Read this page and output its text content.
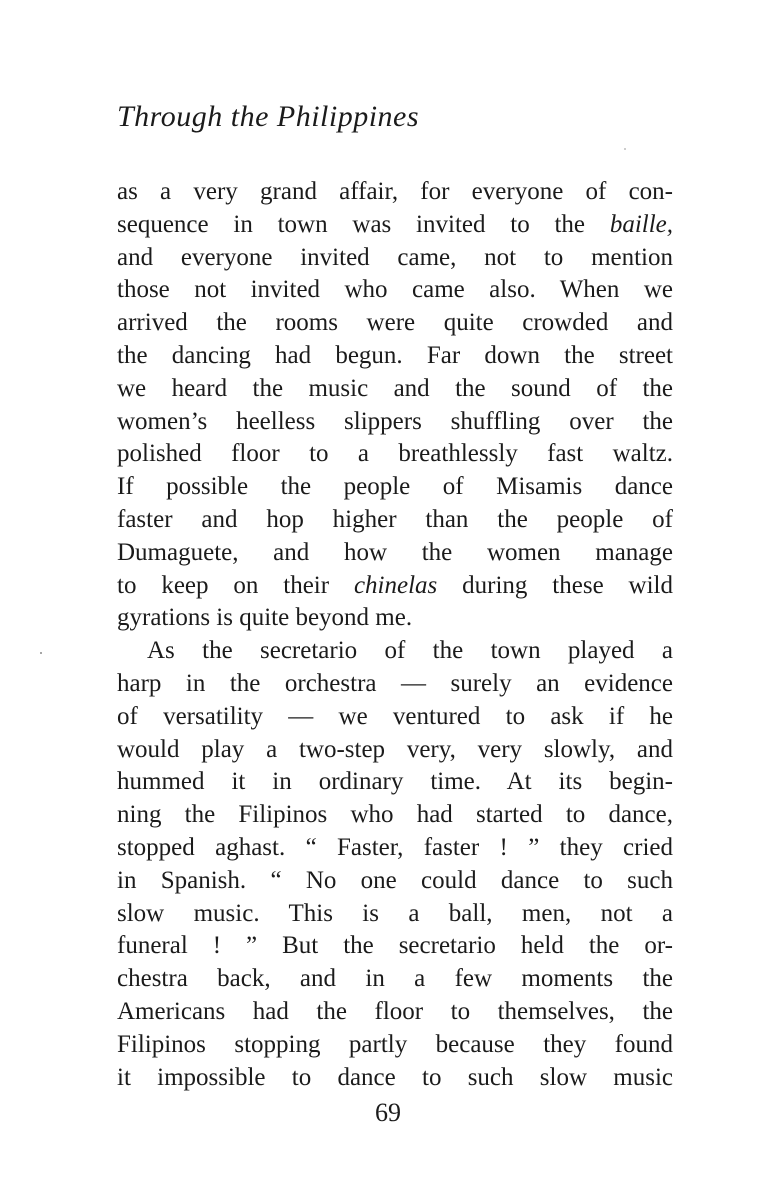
Through the Philippines
as a very grand affair, for everyone of con-
sequence in town was invited to the baille,
and everyone invited came, not to mention
those not invited who came also. When we
arrived the rooms were quite crowded and
the dancing had begun. Far down the street
we heard the music and the sound of the
women’s heelless slippers shuffling over the
polished floor to a breathlessly fast waltz.
If possible the people of Misamis dance
faster and hop higher than the people of
Dumaguete, and how the women manage
to keep on their chinelas during these wild
gyrations is quite beyond me.
As the secretario of the town played a
harp in the orchestra — surely an evidence
of versatility — we ventured to ask if he
would play a two-step very, very slowly, and
hummed it in ordinary time. At its begin-
ning the Filipinos who had started to dance,
stopped aghast. “ Faster, faster ! ” they cried
in Spanish. “ No one could dance to such
slow music. This is a ball, men, not a
funeral ! ” But the secretario held the or-
chestra back, and in a few moments the
Americans had the floor to themselves, the
Filipinos stopping partly because they found
it impossible to dance to such slow music
69
